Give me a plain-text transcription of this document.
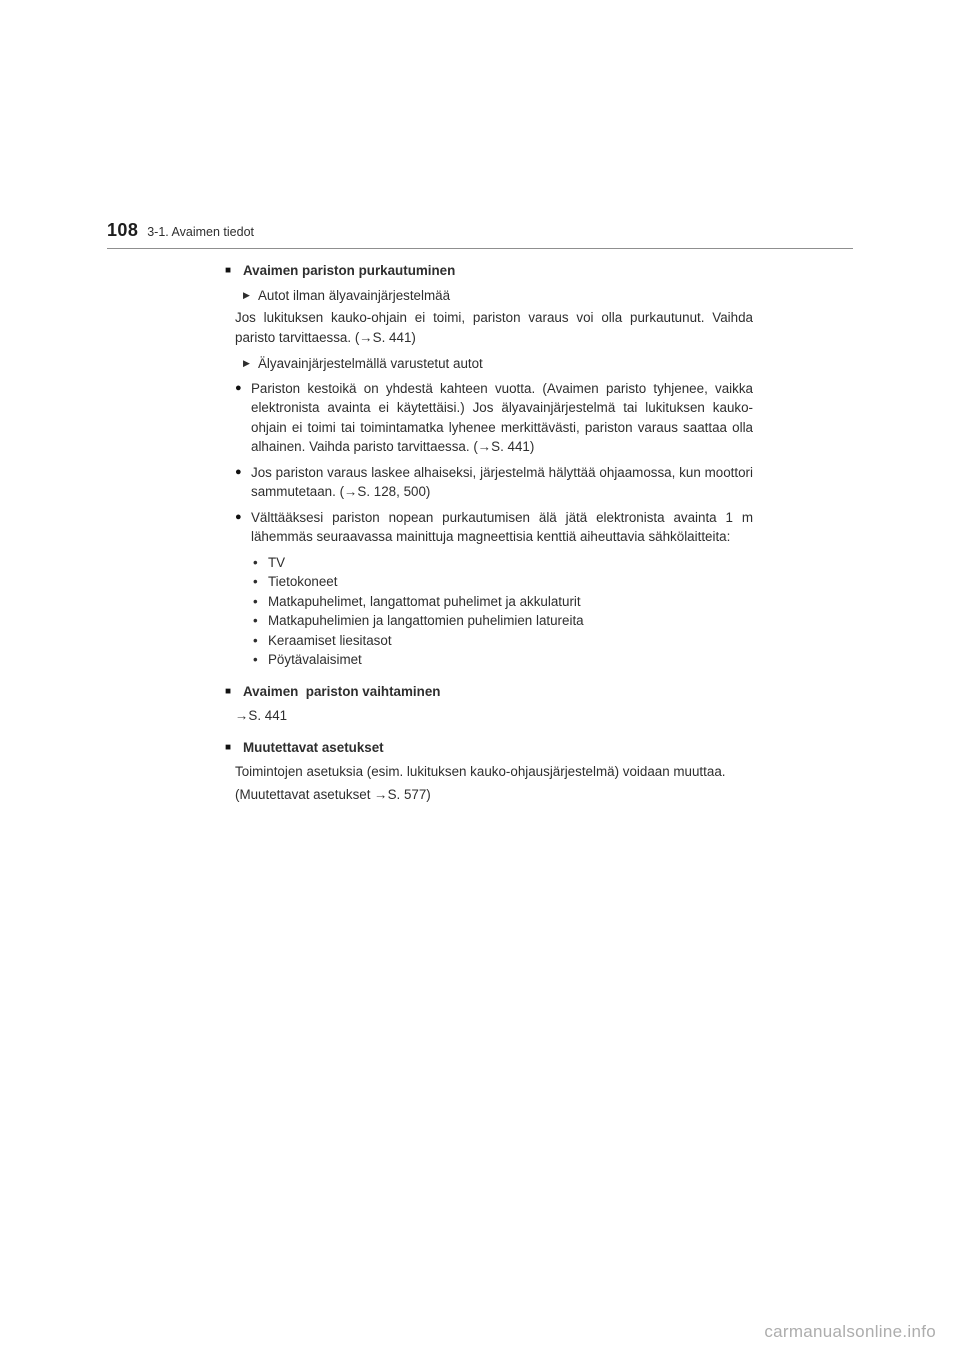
108 3-1. Avaimen tiedot
■ Avaimen pariston purkautuminen
▶ Autot ilman älyavainjärjestelmää

Jos lukituksen kauko-ohjain ei toimi, pariston varaus voi olla purkautunut. Vaihda paristo tarvittaessa. (→S. 441)

▶ Älyavainjärjestelmällä varustetut autot
● Pariston kestoikä on yhdestä kahteen vuotta. (Avaimen paristo tyhjenee, vaikka elektronista avainta ei käytettäisi.) Jos älyavainjärjestelmä tai lukituksen kauko-ohjain ei toimi tai toimintamatka lyhenee merkittävästi, pariston varaus saattaa olla alhainen. Vaihda paristo tarvittaessa. (→S. 441)
● Jos pariston varaus laskee alhaiseksi, järjestelmä hälyttää ohjaamossa, kun moottori sammutetaan. (→S. 128, 500)
● Välttääksesi pariston nopean purkautumisen älä jätä elektronista avainta 1 m lähemmäs seuraavassa mainittuja magneettisia kenttiä aiheuttavia sähkölaitteita:
• TV
• Tietokoneet
• Matkapuhelimet, langattomat puhelimet ja akkulaturit
• Matkapuhelimien ja langattomien puhelimien latureita
• Keraamiset liesitasot
• Pöytävalaisimet
■ Avaimen  pariston vaihtaminen

→S. 441

■ Muutettavat asetukset

Toimintojen asetuksia (esim. lukituksen kauko-ohjausjärjestelmä) voidaan muuttaa.

(Muutettavat asetukset →S. 577)

carmanualsonline.info
